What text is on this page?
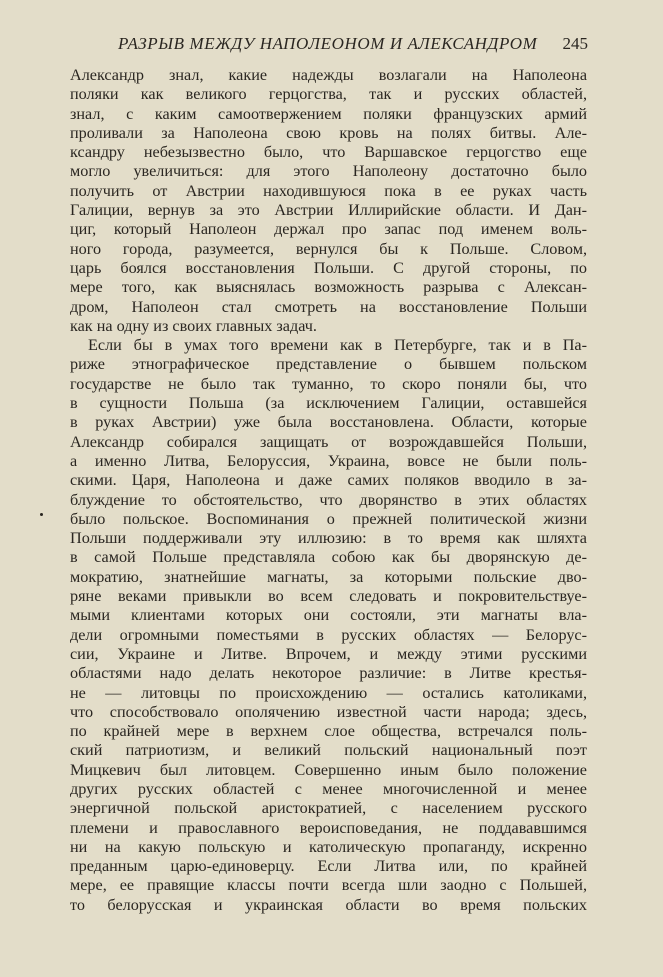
РАЗРЫВ МЕЖДУ НАПОЛЕОНОМ И АЛЕКСАНДРОМ 245
Александр знал, какие надежды возлагали на Наполеона
поляки как великого герцогства, так и русских областей,
знал, с каким самоотвержением поляки французских армий
проливали за Наполеона свою кровь на полях битвы. Але-
ксандру небезызвестно было, что Варшавское герцогство еще
могло увеличиться: для этого Наполеону достаточно было
получить от Австрии находившуюся пока в ее руках часть
Галиции, вернув за это Австрии Иллирийские области. И Дан-
циг, который Наполеон держал про запас под именем воль-
ного города, разумеется, вернулся бы к Польше. Словом,
царь боялся восстановления Польши. С другой стороны, по
мере того, как выяснялась возможность разрыва с Алексан-
дром, Наполеон стал смотреть на восстановление Польши
как на одну из своих главных задач.
Если бы в умах того времени как в Петербурге, так и в Па-
риже этнографическое представление о бывшем польском
государстве не было так туманно, то скоро поняли бы, что
в сущности Польша (за исключением Галиции, оставшейся
в руках Австрии) уже была восстановлена. Области, которые
Александр собирался защищать от возрождавшейся Польши,
а именно Литва, Белоруссия, Украина, вовсе не были поль-
скими. Царя, Наполеона и даже самих поляков вводило в за-
блуждение то обстоятельство, что дворянство в этих областях
было польское. Воспоминания о прежней политической жизни
Польши поддерживали эту иллюзию: в то время как шляхта
в самой Польше представляла собою как бы дворянскую де-
мократию, знатнейшие магнаты, за которыми польские дво-
ряне веками привыкли во всем следовать и покровительствуе-
мыми клиентами которых они состояли, эти магнаты вла-
дели огромными поместьями в русских областях — Белорус-
сии, Украине и Литве. Впрочем, и между этими русскими
областями надо делать некоторое различие: в Литве крестья-
не — литовцы по происхождению — остались католиками,
что способствовало ополячению известной части народа; здесь,
по крайней мере в верхнем слое общества, встречался поль-
ский патриотизм, и великий польский национальный поэт
Мицкевич был литовцем. Совершенно иным было положение
других русских областей с менее многочисленной и менее
энергичной польской аристократией, с населением русского
племени и православного вероисповедания, не поддававшимся
ни на какую польскую и католическую пропаганду, искренно
преданным царю-единоверцу. Если Литва или, по крайней
мере, ее правящие классы почти всегда шли заодно с Польшей,
то белорусская и украинская области во время польских
